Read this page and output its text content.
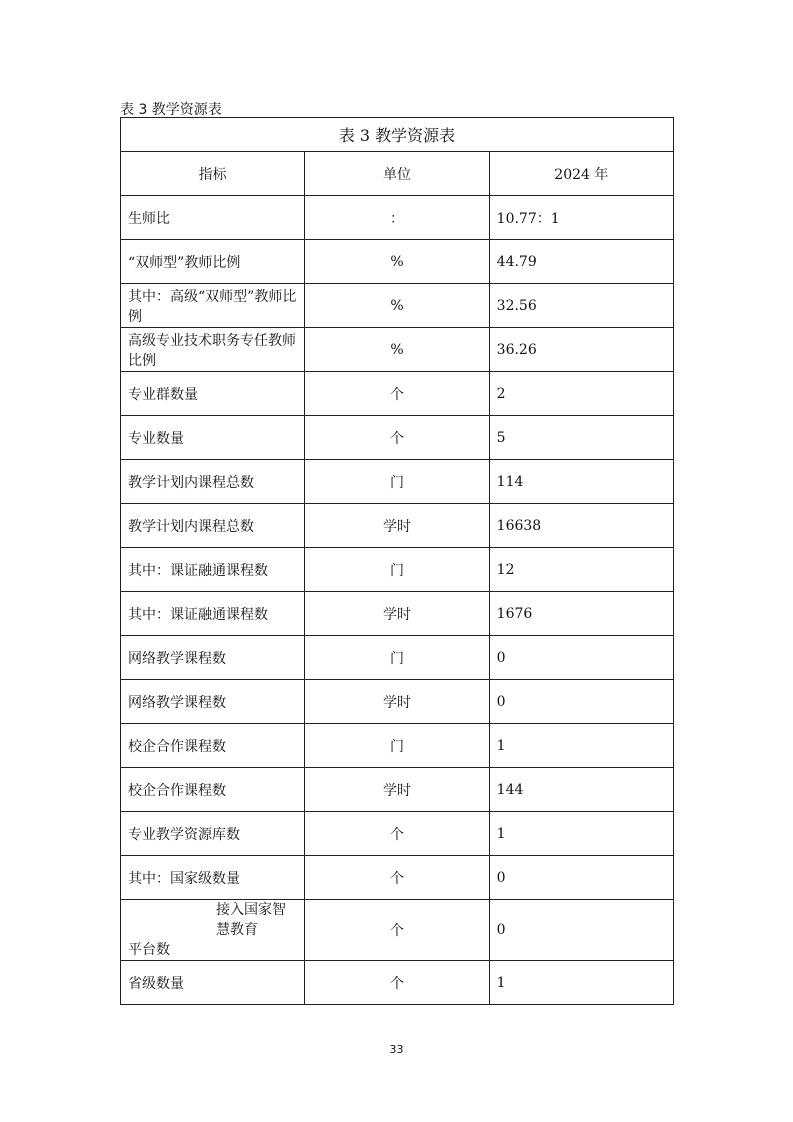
表 3 教学资源表
表 3 教学资源表		
指标	单位	2024 年
生师比	：	10.77：1
“双师型”教师比例	%	44.79
其中：高级“双师型”教师比例	%	32.56
高级专业技术职务专任教师比例	%	36.26
专业群数量	个	2
专业数量	个	5
教学计划内课程总数	门	114
教学计划内课程总数	学时	16638
其中：课证融通课程数	门	12
其中：课证融通课程数	学时	1676
网络教学课程数	门	0
网络教学课程数	学时	0
校企合作课程数	门	1
校企合作课程数	学时	144
专业教学资源库数	个	1
其中：国家级数量	个	0

接入国家智慧教育
平台数	个	0
省级数量	个	1
33
